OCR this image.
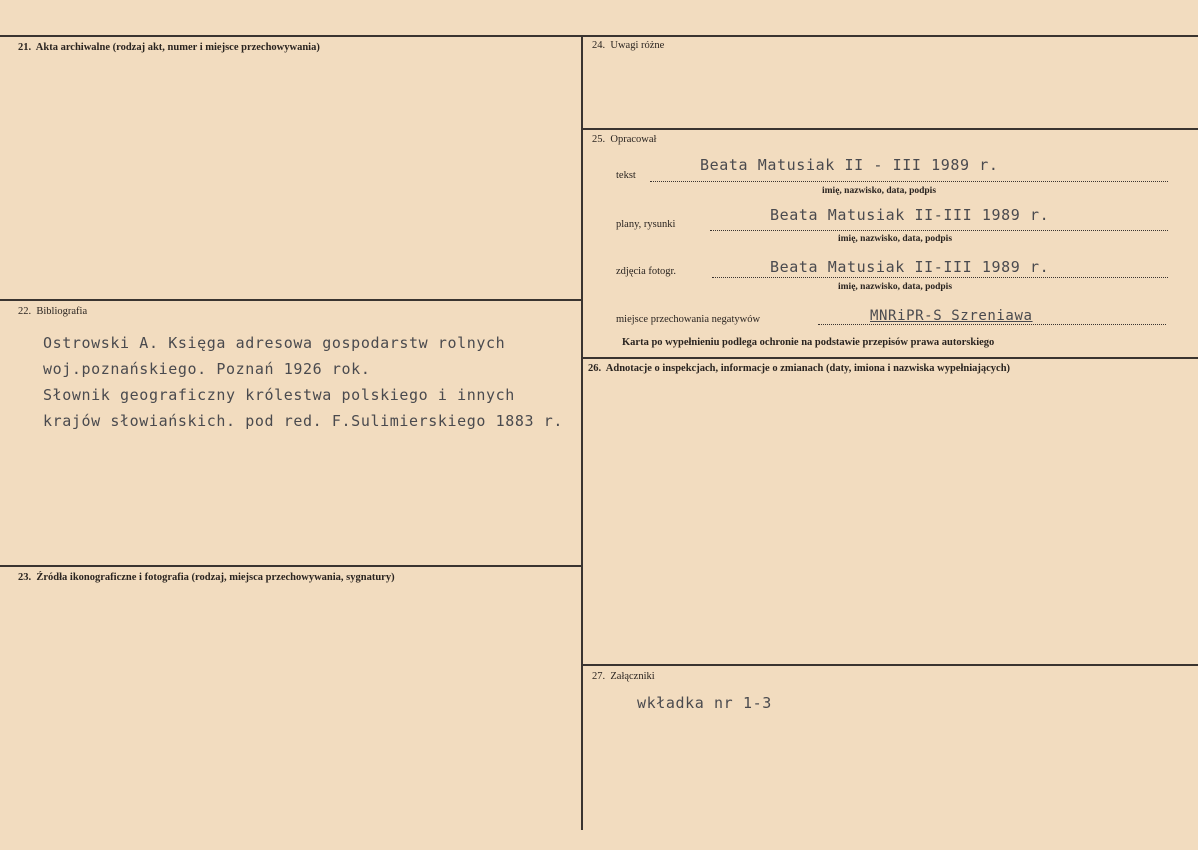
21. Akta archiwalne (rodzaj akt, numer i miejsce przechowywania)
22. Bibliografia
Ostrowski A. Księga adresowa gospodarstw rolnych
woj.poznańskiego. Poznań 1926 rok.
Słownik geograficzny królestwa polskiego i innych
krajów słowiańskich. pod red. F.Sulimierskiego 1883 r.
23. Źródła ikonograficzne i fotografia (rodzaj, miejsca przechowywania, sygnatury)
24. Uwagi różne
25. Opracował
tekst
Beata Matusiak II - III 1989 r.
imię, nazwisko, data, podpis
plany, rysunki
Beata Matusiak II-III 1989 r.
imię, nazwisko, data, podpis
zdjęcia fotogr.	Beata Matusiak II-III 1989 r.
imię, nazwisko, data, podpis
miejsce przechowania negatywów	MNRiPR-S Szreniawa
Karta po wypełnieniu podlega ochronie na podstawie przepisów prawa autorskiego
26. Adnotacje o inspekcjach, informacje o zmianach (daty, imiona i nazwiska wypełniających)
27. Załączniki
wkładka nr 1-3
